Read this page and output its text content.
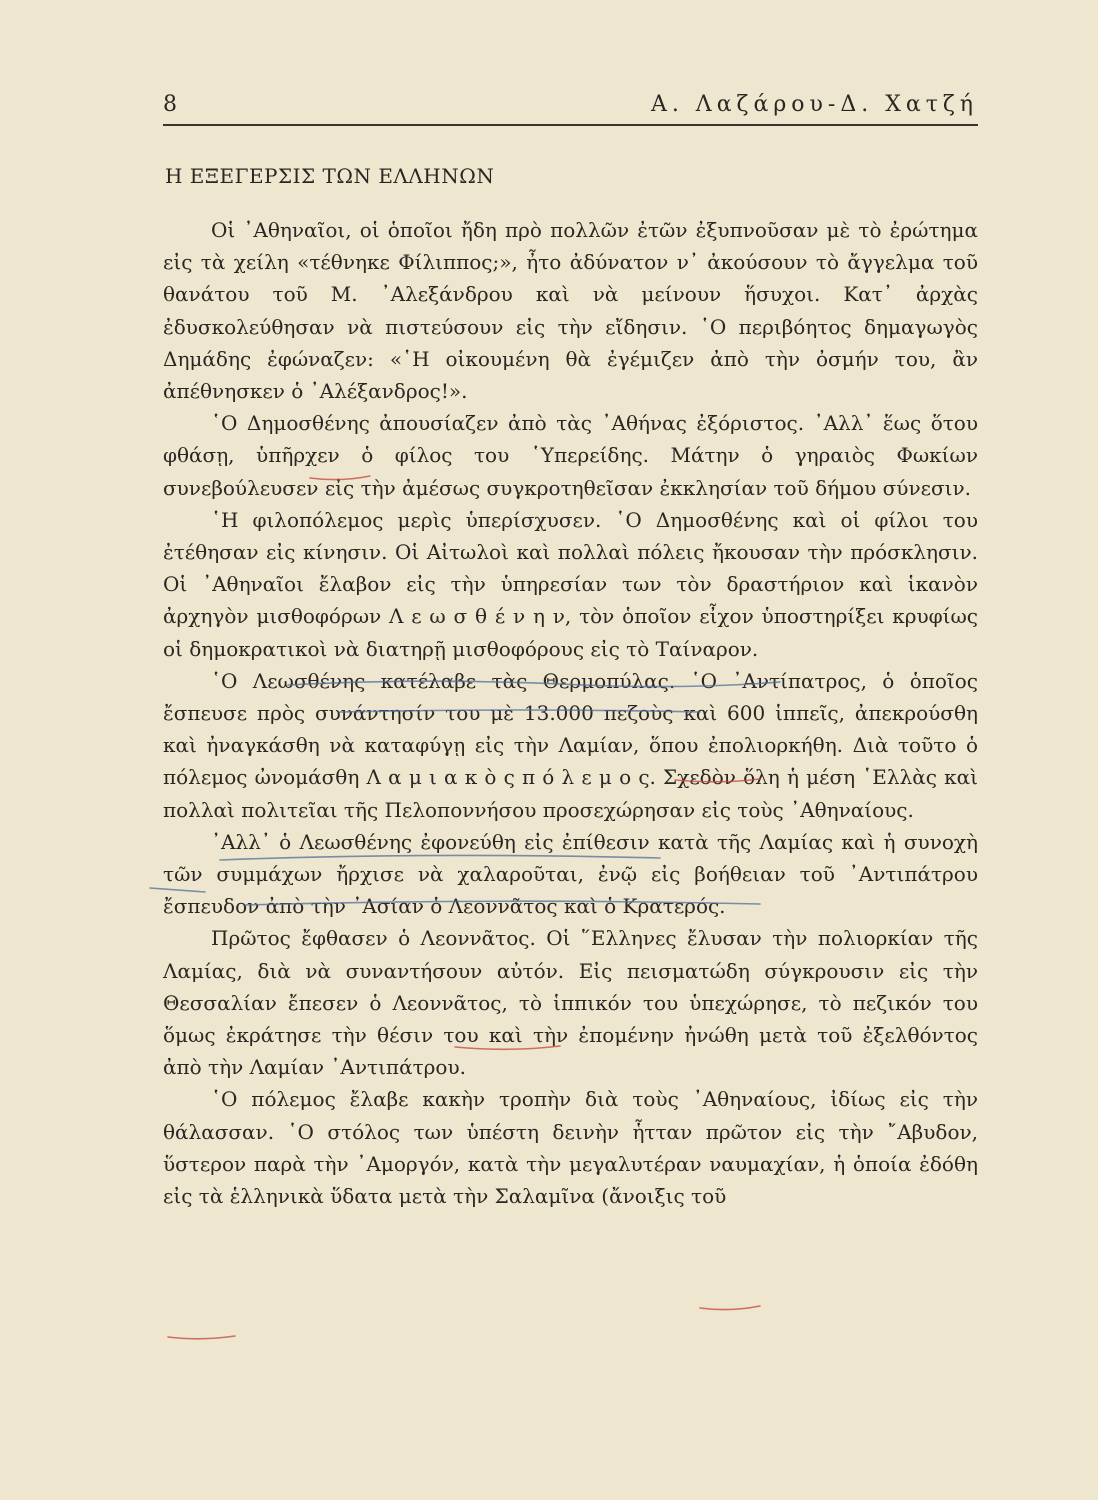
8	Α. Λαζάρου-Δ. Χατζή
Η ΕΞΕΓΕΡΣΙΣ ΤΩΝ ΕΛΛΗΝΩΝ

Οἱ ᾿Αθηναῖοι, οἱ ὁποῖοι ἤδη πρὸ πολλῶν ἐτῶν ἐξυπνοῦσαν μὲ τὸ ἐρώτημα εἰς τὰ χείλη «τέθνηκε Φίλιππος;», ἦτο ἀδύνατον ν᾿ ἀκούσουν τὸ ἄγγελμα τοῦ θανάτου τοῦ Μ. ᾿Αλεξάνδρου καὶ νὰ μείνουν ἥσυχοι. Κατ᾿ ἀρχὰς ἐδυσκολεύθησαν νὰ πιστεύσουν εἰς τὴν εἴδησιν. ῾Ο περιβόητος δημαγωγὸς Δημάδης ἐφώναζεν: «῾Η οἰκουμένη θὰ ἐγέμιζεν ἀπὸ τὴν ὀσμήν του, ἂν ἀπέθνησκεν ὁ ᾿Αλέξανδρος!».

῾Ο Δημοσθένης ἀπουσίαζεν ἀπὸ τὰς ᾿Αθήνας ἐξόριστος. ᾿Αλλ᾿ ἕως ὅτου φθάσῃ, ὑπῆρχεν ὁ φίλος του ῾Υπερείδης. Μάτην ὁ γηραιὸς Φωκίων συνεβούλευσεν εἰς τὴν ἀμέσως συγκροτηθεῖσαν ἐκκλησίαν τοῦ δήμου σύνεσιν.

῾Η φιλοπόλεμος μερὶς ὑπερίσχυσεν. ῾Ο Δημοσθένης καὶ οἱ φίλοι του ἐτέθησαν εἰς κίνησιν. Οἱ Αἰτωλοὶ καὶ πολλαὶ πόλεις ἤκουσαν τὴν πρόσκλησιν. Οἱ ᾿Αθηναῖοι ἔλαβον εἰς τὴν ὑπηρεσίαν των τὸν δραστήριον καὶ ἱκανὸν ἀρχηγὸν μισθοφόρων Λ ε ω σ θ έ ν η ν, τὸν ὁποῖον εἶχον ὑποστηρίξει κρυφίως οἱ δημοκρατικοὶ νὰ διατηρῇ μισθοφόρους εἰς τὸ Ταίναρον.

῾Ο Λεωσθένης κατέλαβε τὰς Θερμοπύλας. ῾Ο ᾿Αντίπατρος, ὁ ὁποῖος ἔσπευσε πρὸς συνάντησίν του μὲ 13.000 πεζοὺς καὶ 600 ἱππεῖς, ἀπεκρούσθη καὶ ἠναγκάσθη νὰ καταφύγῃ εἰς τὴν Λαμίαν, ὅπου ἐπολιορκήθη. Διὰ τοῦτο ὁ πόλεμος ὠνομάσθη Λ α μ ι α κ ὸ ς π ό λ ε μ ο ς. Σχεδὸν ὅλη ἡ μέση ῾Ελλὰς καὶ πολλαὶ πολιτεῖαι τῆς Πελοποννήσου προσεχώρησαν εἰς τοὺς ᾿Αθηναίους.

᾿Αλλ᾿ ὁ Λεωσθένης ἐφονεύθη εἰς ἐπίθεσιν κατὰ τῆς Λαμίας καὶ ἡ συνοχὴ τῶν συμμάχων ἤρχισε νὰ χαλαροῦται, ἐνῷ εἰς βοήθειαν τοῦ ᾿Αντιπάτρου ἔσπευδον ἀπὸ τὴν ᾿Ασίαν ὁ Λεοννᾶτος καὶ ὁ Κρατερός.

Πρῶτος ἔφθασεν ὁ Λεοννᾶτος. Οἱ ῞Ελληνες ἔλυσαν τὴν πολιορκίαν τῆς Λαμίας, διὰ νὰ συναντήσουν αὐτόν. Εἰς πεισματώδη σύγκρουσιν εἰς τὴν Θεσσαλίαν ἔπεσεν ὁ Λεοννᾶτος, τὸ ἱππικόν του ὑπεχώρησε, τὸ πεζικόν του ὅμως ἐκράτησε τὴν θέσιν του καὶ τὴν ἐπομένην ἠνώθη μετὰ τοῦ ἐξελθόντος ἀπὸ τὴν Λαμίαν ᾿Αντιπάτρου.

῾Ο πόλεμος ἔλαβε κακὴν τροπὴν διὰ τοὺς ᾿Αθηναίους, ἰδίως εἰς τὴν θάλασσαν. ῾Ο στόλος των ὑπέστη δεινὴν ἧτταν πρῶτον εἰς τὴν ῎Αβυδον, ὕστερον παρὰ τὴν ᾿Αμοργόν, κατὰ τὴν μεγαλυτέραν ναυμαχίαν, ἡ ὁποία ἐδόθη εἰς τὰ ἑλληνικὰ ὕδατα μετὰ τὴν Σαλαμῖνα (ἄνοιξις τοῦ
